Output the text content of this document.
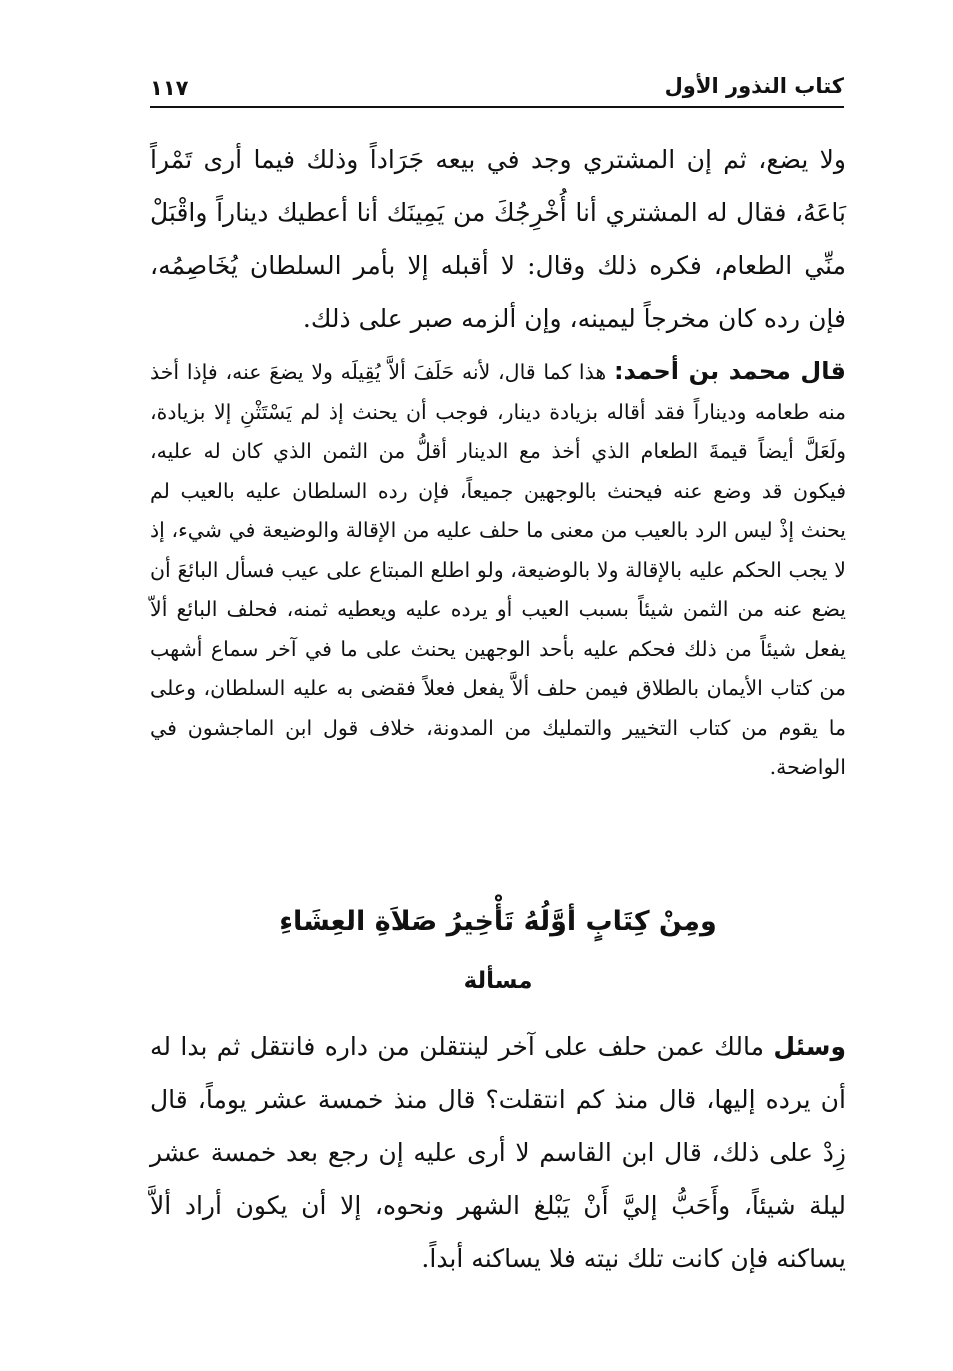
كتاب النذور الأول
١١٧

ولا يضع، ثم إن المشتري وجد في بيعه جَرَاداً وذلك فيما أرى تَمْراً بَاعَهُ، فقال له المشتري أنا أُخْرِجُكَ من يَمِينَك أنا أعطيك ديناراً واقْبَلْ منِّي الطعام، فكره ذلك وقال: لا أقبله إلا بأمر السلطان يُخَاصِمُه، فإن رده كان مخرجاً ليمينه، وإن ألزمه صبر على ذلك.

قال محمد بن أحمد: هذا كما قال، لأنه حَلَفَ ألاَّ يُقِيلَه ولا يضعَ عنه، فإذا أخذ منه طعامه وديناراً فقد أقاله بزيادة دينار، فوجب أن يحنث إذ لم يَسْتَثْنِ إلا بزيادة، ولَعَلَّ أيضاً قيمةَ الطعام الذي أخذ مع الدينار أقلُّ من الثمن الذي كان له عليه، فيكون قد وضع عنه فيحنث بالوجهين جميعاً، فإن رده السلطان عليه بالعيب لم يحنث إذْ ليس الرد بالعيب من معنى ما حلف عليه من الإقالة والوضيعة في شيء، إذ لا يجب الحكم عليه بالإقالة ولا بالوضيعة، ولو اطلع المبتاع على عيب فسأل البائعَ أن يضع عنه من الثمن شيئاً بسبب العيب أو يرده عليه ويعطيه ثمنه، فحلف البائع ألاّ يفعل شيئاً من ذلك فحكم عليه بأحد الوجهين يحنث على ما في آخر سماع أشهب من كتاب الأيمان بالطلاق فيمن حلف ألاَّ يفعل فعلاً فقضى به عليه السلطان، وعلى ما يقوم من كتاب التخيير والتمليك من المدونة، خلاف قول ابن الماجشون في الواضحة.

ومِنْ كِتَابٍ أوَّلُهُ تَأْخِيرُ صَلاَةِ العِشَاءِ
مسألة

وسئل مالك عمن حلف على آخر لينتقلن من داره فانتقل ثم بدا له أن يرده إليها، قال منذ كم انتقلت؟ قال منذ خمسة عشر يوماً، قال زِدْ على ذلك، قال ابن القاسم لا أرى عليه إن رجع بعد خمسة عشر ليلة شيئاً، وأَحَبُّ إليَّ أَنْ يَبْلغ الشهر ونحوه، إلا أن يكون أراد ألاَّ يساكنه فإن كانت تلك نيته فلا يساكنه أبداً.
